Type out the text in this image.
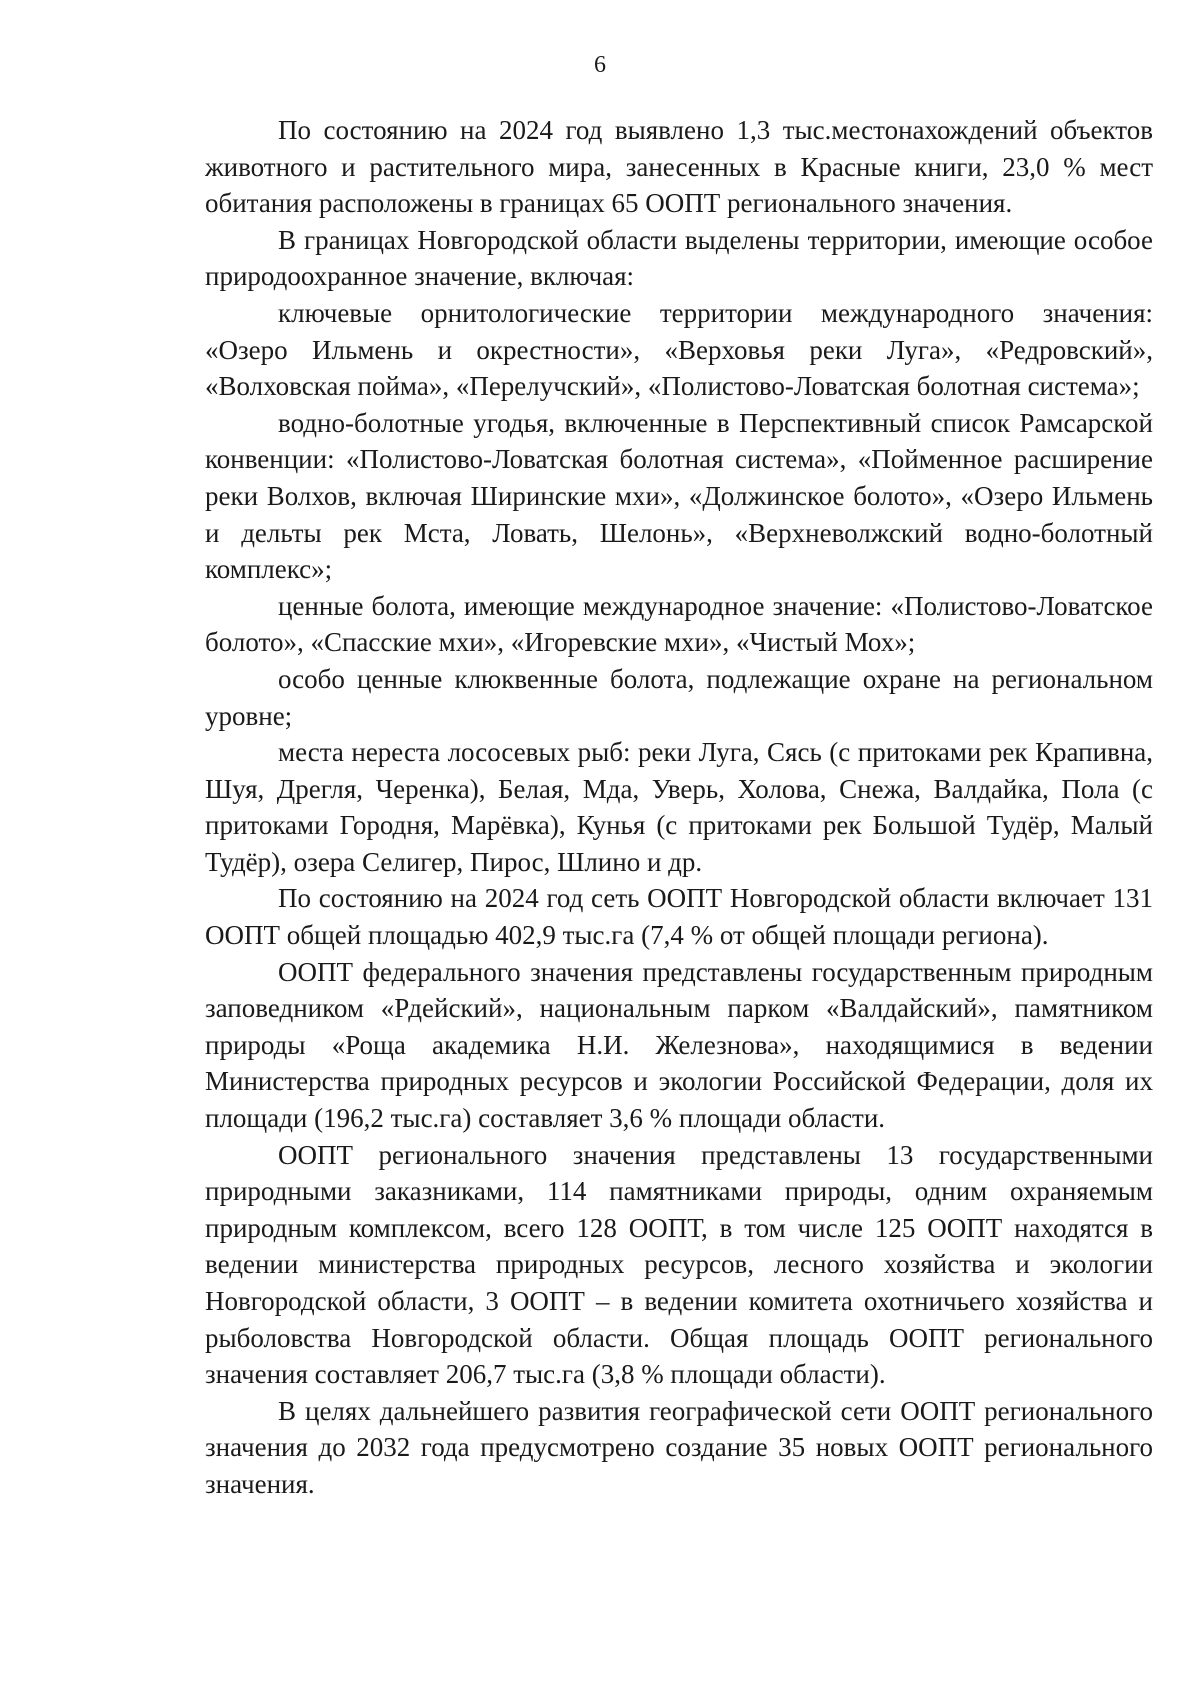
6

По состоянию на 2024 год выявлено 1,3 тыс.местонахождений объектов животного и растительного мира, занесенных в Красные книги, 23,0 % мест обитания расположены в границах 65 ООПТ регионального значения.

В границах Новгородской области выделены территории, имеющие особое природоохранное значение, включая:

ключевые орнитологические территории международного значения: «Озеро Ильмень и окрестности», «Верховья реки Луга», «Редровский», «Волховская пойма», «Перелучский», «Полистово-Ловатская болотная система»;

водно-болотные угодья, включенные в Перспективный список Рамсарской конвенции: «Полистово-Ловатская болотная система», «Пойменное расширение реки Волхов, включая Ширинские мхи», «Должинское болото», «Озеро Ильмень и дельты рек Мста, Ловать, Шелонь», «Верхневолжский водно-болотный комплекс»;

ценные болота, имеющие международное значение: «Полистово-Ловатское болото», «Спасские мхи», «Игоревские мхи», «Чистый Мох»;

особо ценные клюквенные болота, подлежащие охране на региональном уровне;

места нереста лососевых рыб: реки Луга, Сясь (с притоками рек Крапивна, Шуя, Дрегля, Черенка), Белая, Мда, Уверь, Холова, Снежа, Валдайка, Пола (с притоками Городня, Марёвка), Кунья (с притоками рек Большой Тудёр, Малый Тудёр), озера Селигер, Пирос, Шлино и др.

По состоянию на 2024 год сеть ООПТ Новгородской области включает 131 ООПТ общей площадью 402,9 тыс.га (7,4 % от общей площади региона).

ООПТ федерального значения представлены государственным природным заповедником «Рдейский», национальным парком «Валдайский», памятником природы «Роща академика Н.И. Железнова», находящимися в ведении Министерства природных ресурсов и экологии Российской Федерации, доля их площади (196,2 тыс.га) составляет 3,6 % площади области.

ООПТ регионального значения представлены 13 государственными природными заказниками, 114 памятниками природы, одним охраняемым природным комплексом, всего 128 ООПТ, в том числе 125 ООПТ находятся в ведении министерства природных ресурсов, лесного хозяйства и экологии Новгородской области, 3 ООПТ – в ведении комитета охотничьего хозяйства и рыболовства Новгородской области. Общая площадь ООПТ регионального значения составляет 206,7 тыс.га (3,8 % площади области).

В целях дальнейшего развития географической сети ООПТ регионального значения до 2032 года предусмотрено создание 35 новых ООПТ регионального значения.
